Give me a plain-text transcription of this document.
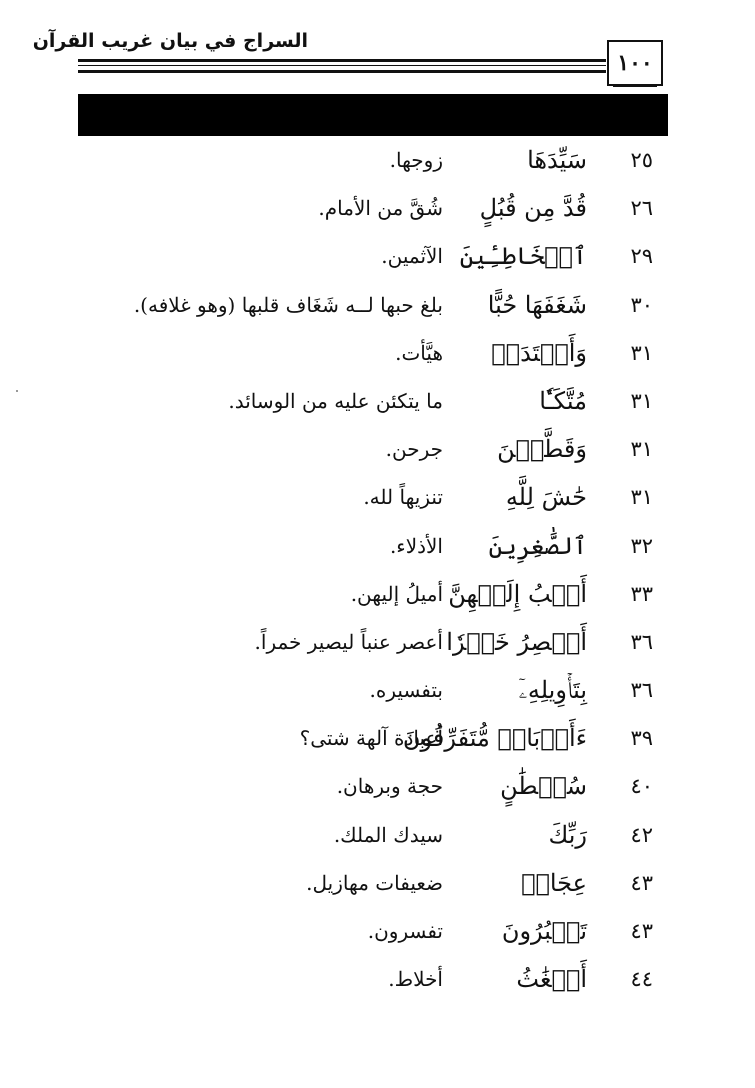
السراج في بيان غريب القرآن
١٠٠
٢٥
سَيِّدَهَا
زوجها.
٢٦
قُدَّ مِن قُبُلٍ
شُقَّ من الأمام.
٢٩
ٱلۡخَاطِـِٔينَ
الآثمين.
٣٠
شَغَفَهَا حُبًّا
بلغ حبها لــه شَغَاف قلبها (وهو غلافه).
٣١
وَأَعۡتَدَتۡ
هيَّأت.
٣١
مُتَّكَـٔٗا
ما يتكئن عليه من الوسائد.
٣١
وَقَطَّعۡنَ
جرحن.
٣١
حَٰشَ لِلَّهِ
تنزيهاً لله.
٣٢
ٱلصَّٰغِرِينَ
الأذلاء.
٣٣
أَصۡبُ إِلَيۡهِنَّ
أميلُ إليهن.
٣٦
أَعۡصِرُ خَمۡرٗا
أعصر عنباً ليصير خمراً.
٣٦
بِتَأۡوِيلِهِۦٓ
بتفسيره.
٣٩
ءَأَرۡبَابٞ مُّتَفَرِّقُونَ
أعبادة آلهة شتى؟
٤٠
سُلۡطَٰنٍ
حجة وبرهان.
٤٢
رَبِّكَ
سيدك الملك.
٤٣
عِجَافٞ
ضعيفات مهازيل.
٤٣
تَعۡبُرُونَ
تفسرون.
٤٤
أَضۡغَٰثُ
أخلاط.
